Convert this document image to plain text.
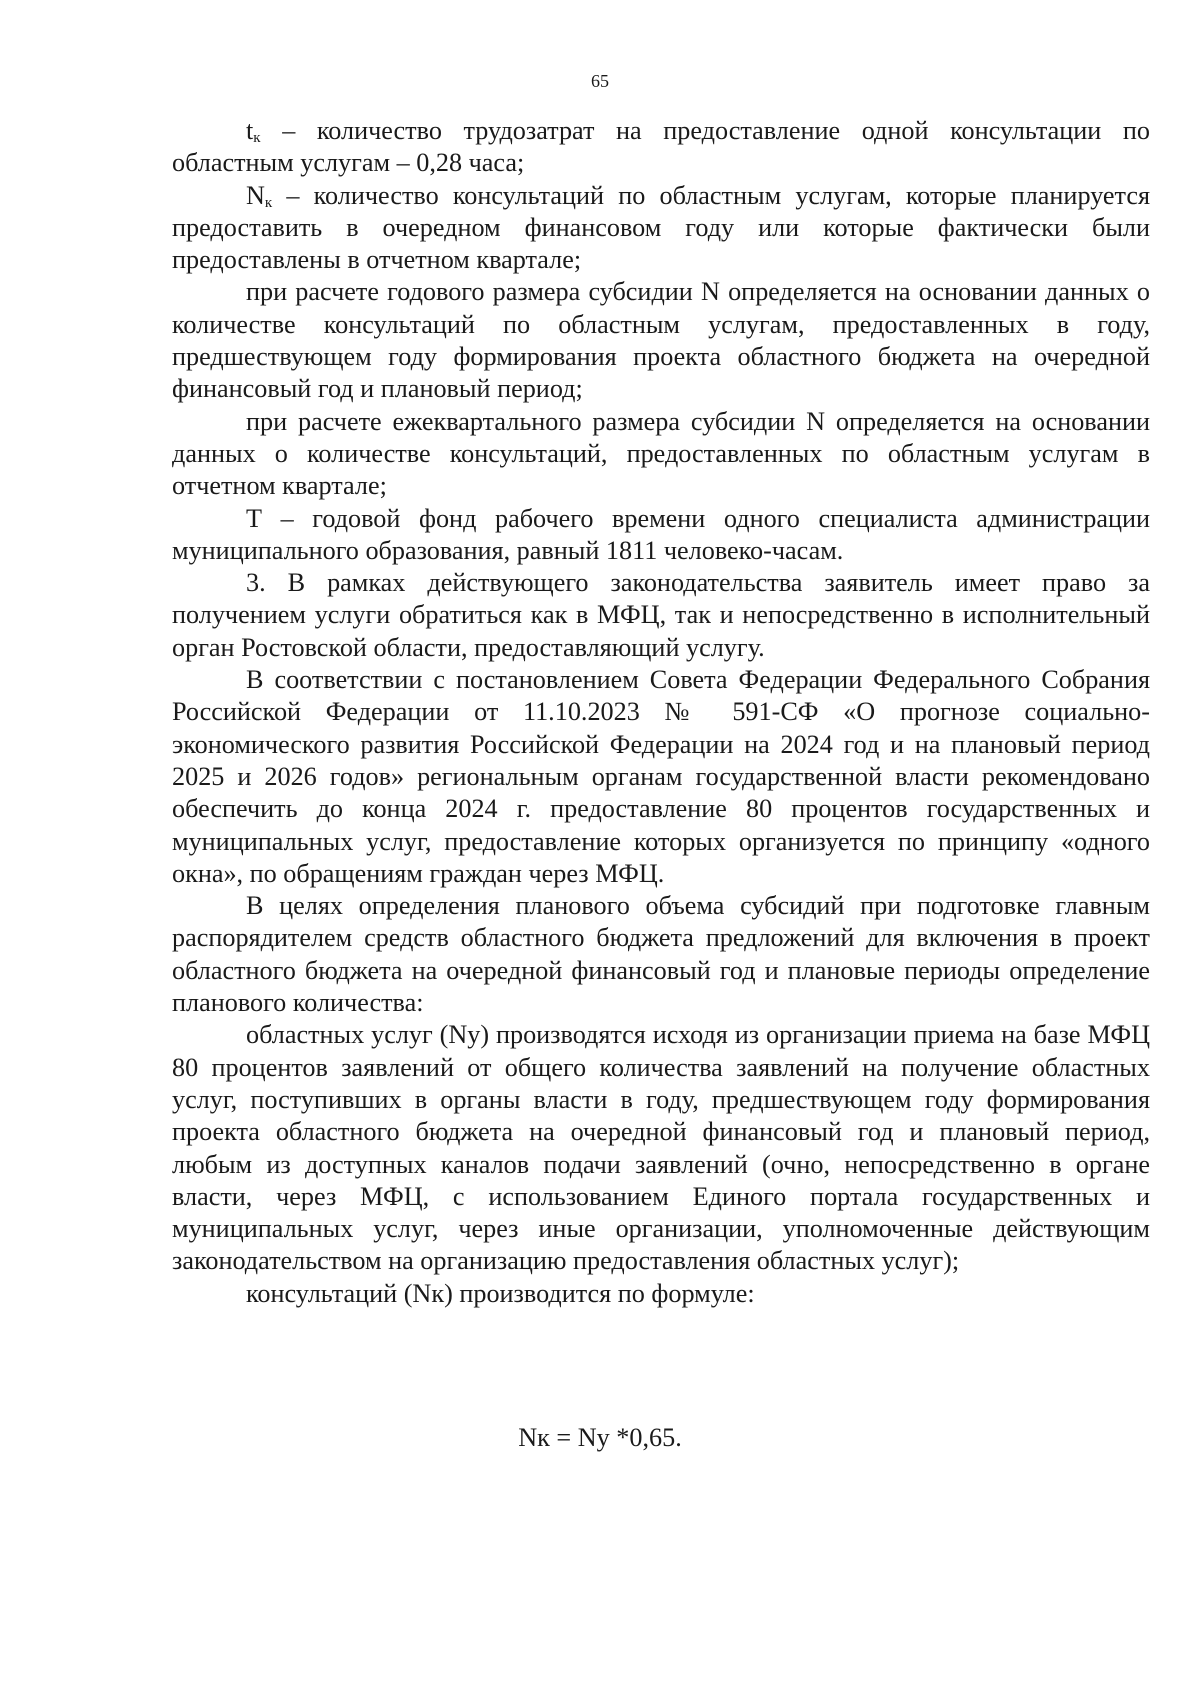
65

$t_к$ – количество трудозатрат на предоставление одной консультации по областным услугам – 0,28 часа;

$N_к$ – количество консультаций по областным услугам, которые планируется предоставить в очередном финансовом году или которые фактически были предоставлены в отчетном квартале;

при расчете годового размера субсидии N определяется на основании данных о количестве консультаций по областным услугам, предоставленных в году, предшествующем году формирования проекта областного бюджета на очередной финансовый год и плановый период;

при расчете ежеквартального размера субсидии N определяется на основании данных о количестве консультаций, предоставленных по областным услугам в отчетном квартале;

Т – годовой фонд рабочего времени одного специалиста администрации муниципального образования, равный 1811 человеко-часам.

3. В рамках действующего законодательства заявитель имеет право за получением услуги обратиться как в МФЦ, так и непосредственно в исполнительный орган Ростовской области, предоставляющий услугу.

В соответствии с постановлением Совета Федерации Федерального Собрания Российской Федерации от 11.10.2023 № 591-СФ «О прогнозе социально-экономического развития Российской Федерации на 2024 год и на плановый период 2025 и 2026 годов» региональным органам государственной власти рекомендовано обеспечить до конца 2024 г. предоставление 80 процентов государственных и муниципальных услуг, предоставление которых организуется по принципу «одного окна», по обращениям граждан через МФЦ.

В целях определения планового объема субсидий при подготовке главным распорядителем средств областного бюджета предложений для включения в проект областного бюджета на очередной финансовый год и плановые периоды определение планового количества:

областных услуг (Nу) производятся исходя из организации приема на базе МФЦ 80 процентов заявлений от общего количества заявлений на получение областных услуг, поступивших в органы власти в году, предшествующем году формирования проекта областного бюджета на очередной финансовый год и плановый период, любым из доступных каналов подачи заявлений (очно, непосредственно в органе власти, через МФЦ, с использованием Единого портала государственных и муниципальных услуг, через иные организации, уполномоченные действующим законодательством на организацию предоставления областных услуг);

консультаций (Nк) производится по формуле:

Nк = Nу *0,65.
